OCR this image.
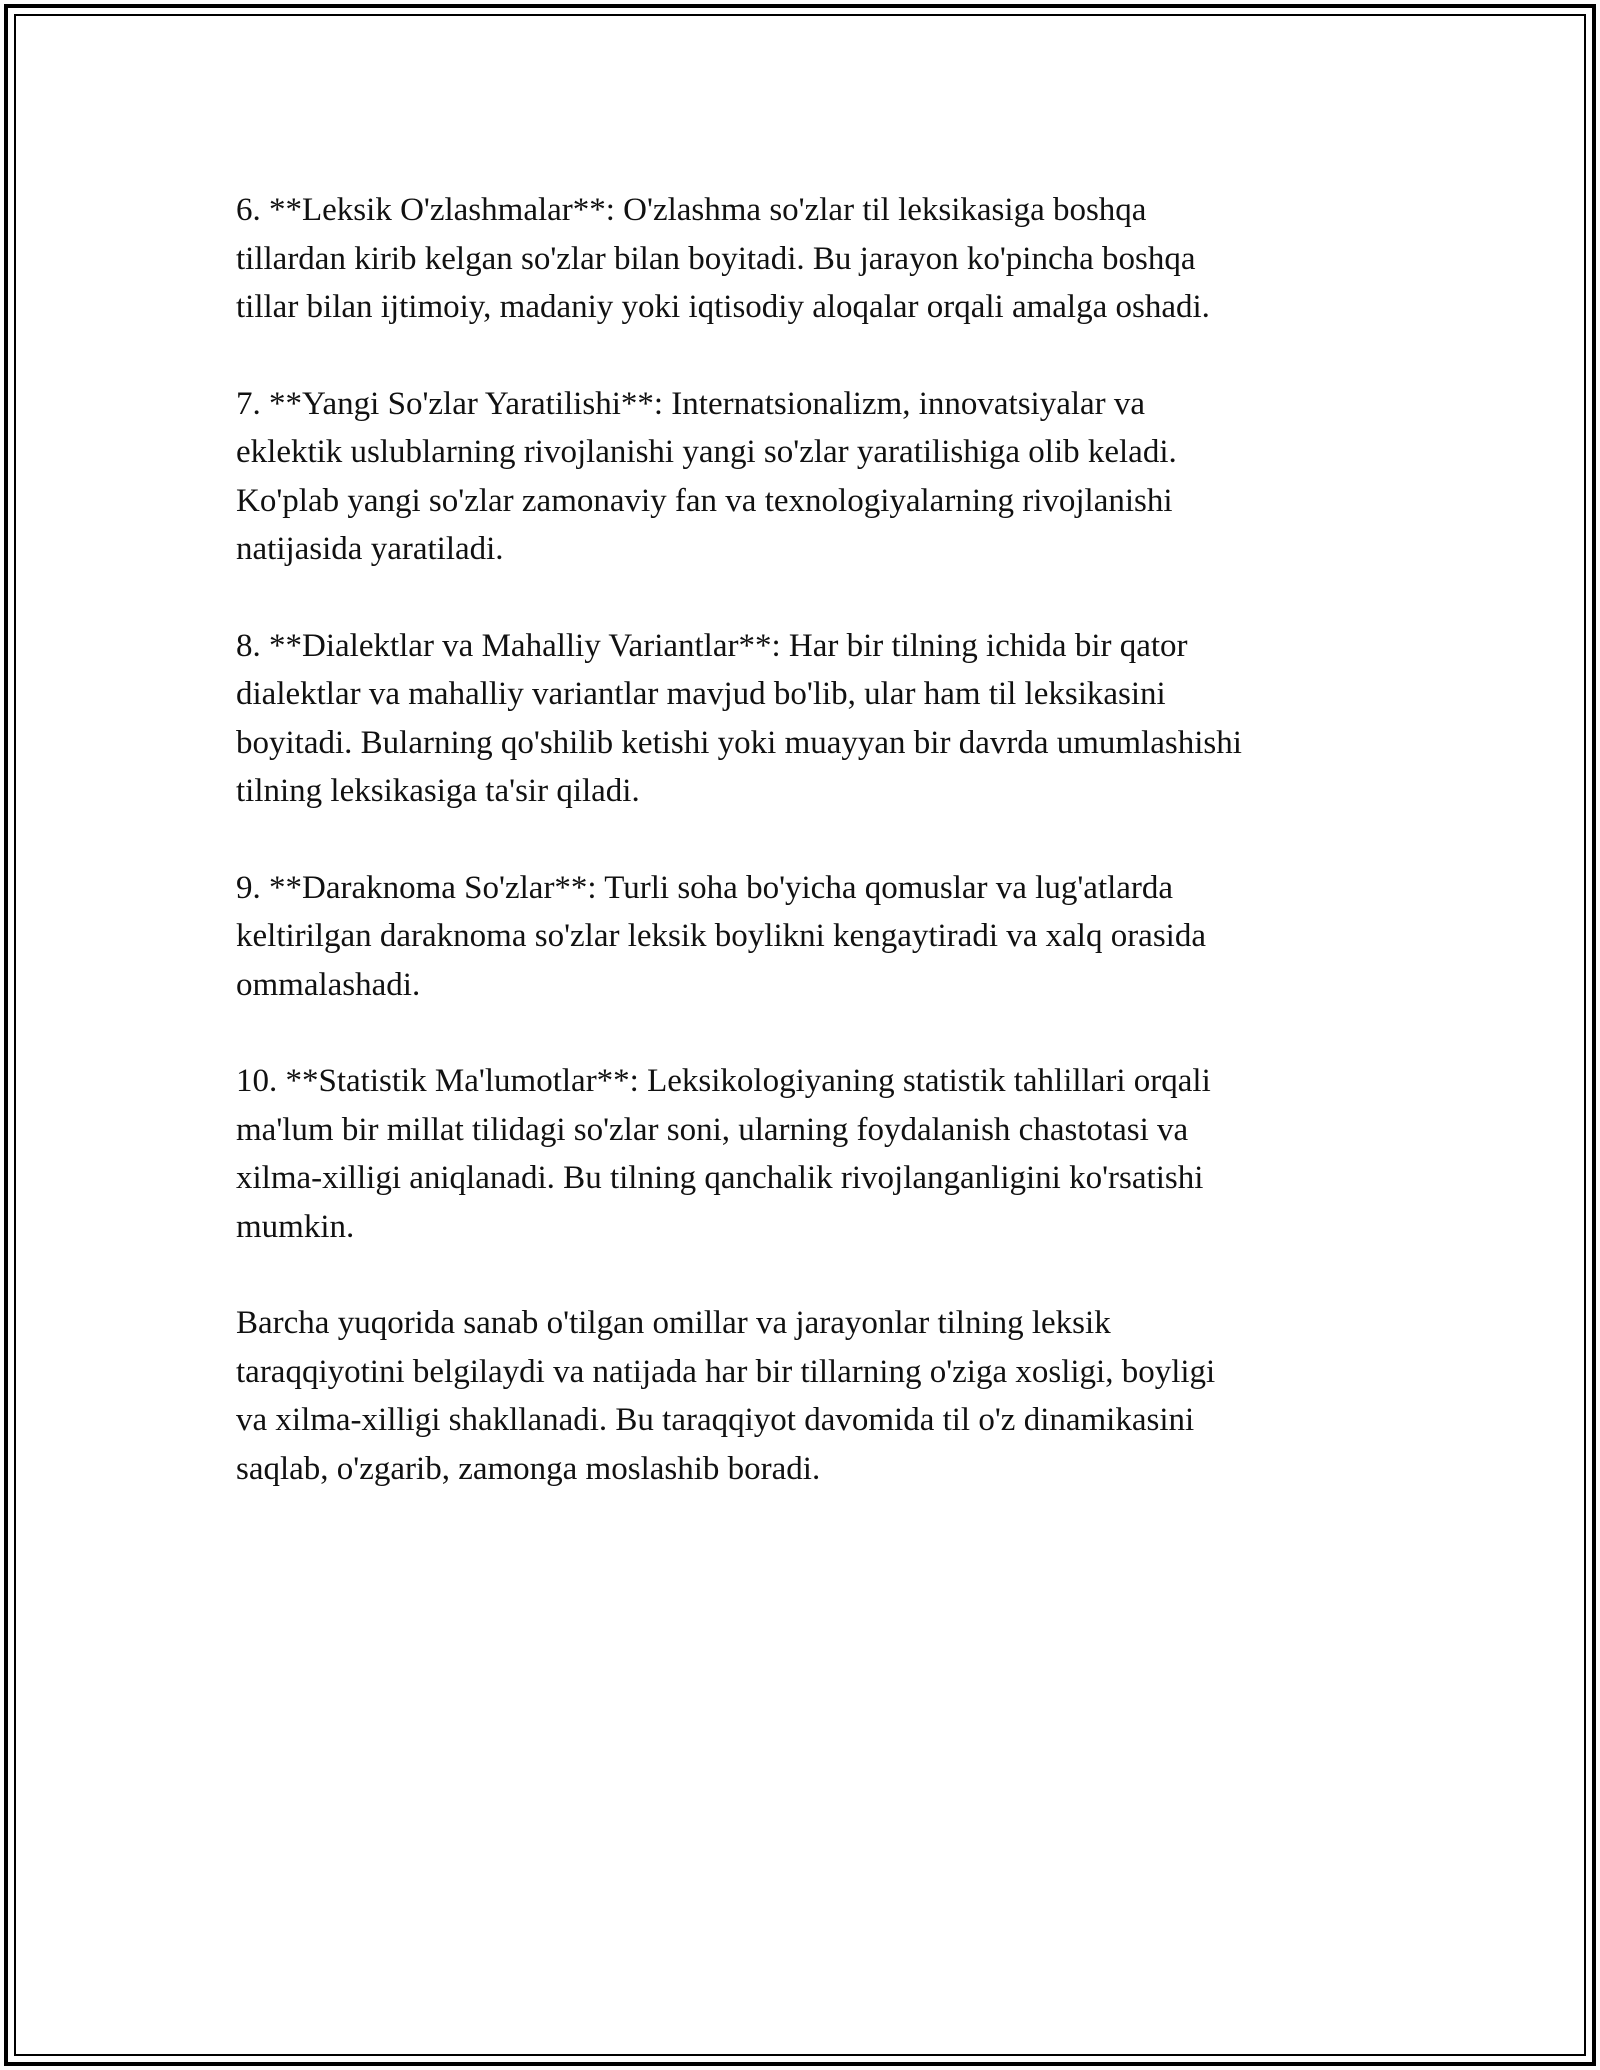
6. **Leksik O'zlashmalar**: O'zlashma so'zlar til leksikasiga boshqa
tillardan kirib kelgan so'zlar bilan boyitadi. Bu jarayon ko'pincha boshqa
tillar bilan ijtimoiy, madaniy yoki iqtisodiy aloqalar orqali amalga oshadi.

7. **Yangi So'zlar Yaratilishi**: Internatsionalizm, innovatsiyalar va
eklektik uslublarning rivojlanishi yangi so'zlar yaratilishiga olib keladi.
Ko'plab yangi so'zlar zamonaviy fan va texnologiyalarning rivojlanishi
natijasida yaratiladi.

8. **Dialektlar va Mahalliy Variantlar**: Har bir tilning ichida bir qator
dialektlar va mahalliy variantlar mavjud bo'lib, ular ham til leksikasini
boyitadi. Bularning qo'shilib ketishi yoki muayyan bir davrda umumlashishi
tilning leksikasiga ta'sir qiladi.

9. **Daraknoma So'zlar**: Turli soha bo'yicha qomuslar va lug'atlarda
keltirilgan daraknoma so'zlar leksik boylikni kengaytiradi va xalq orasida
ommalashadi.

10. **Statistik Ma'lumotlar**: Leksikologiyaning statistik tahlillari orqali
ma'lum bir millat tilidagi so'zlar soni, ularning foydalanish chastotasi va
xilma-xilligi aniqlanadi. Bu tilning qanchalik rivojlanganligini ko'rsatishi
mumkin.

Barcha yuqorida sanab o'tilgan omillar va jarayonlar tilning leksik
taraqqiyotini belgilaydi va natijada har bir tillarning o'ziga xosligi, boyligi
va xilma-xilligi shakllanadi. Bu taraqqiyot davomida til o'z dinamikasini
saqlab, o'zgarib, zamonga moslashib boradi.
